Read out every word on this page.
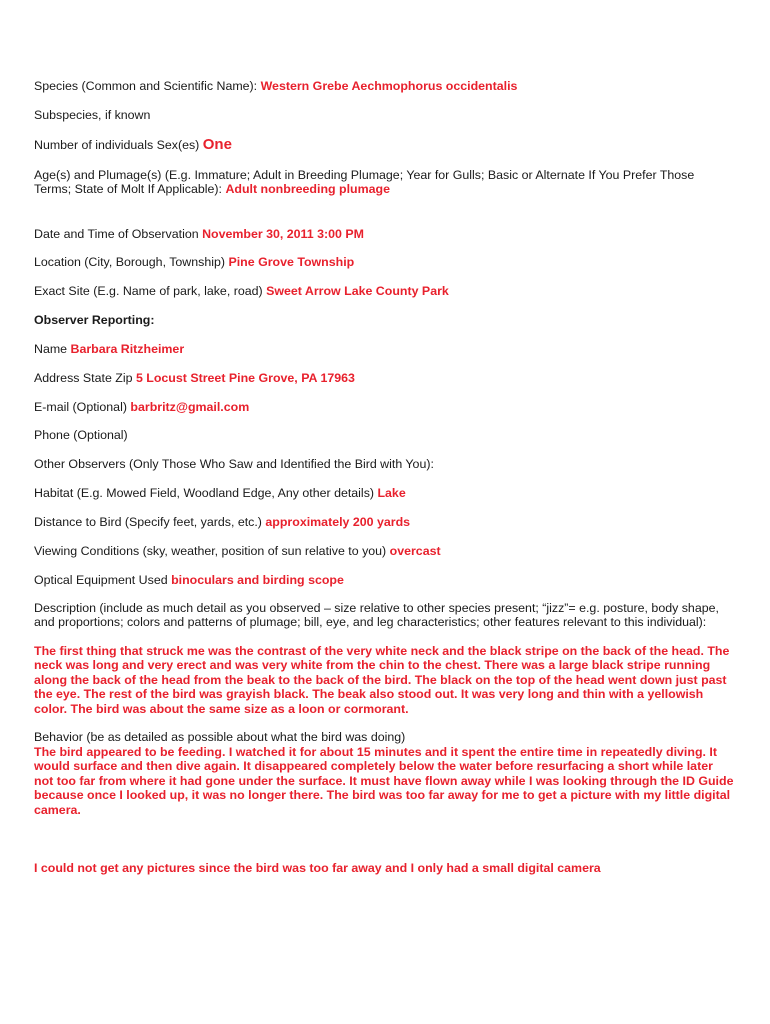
Species (Common and Scientific Name): Western Grebe Aechmophorus occidentalis
Subspecies, if known
Number of individuals Sex(es) One
Age(s) and Plumage(s) (E.g. Immature; Adult in Breeding Plumage; Year for Gulls; Basic or Alternate If You Prefer Those Terms; State of Molt If Applicable): Adult nonbreeding plumage
Date and Time of Observation November 30, 2011 3:00 PM
Location (City, Borough, Township) Pine Grove Township
Exact Site (E.g. Name of park, lake, road) Sweet Arrow Lake County Park
Observer Reporting:
Name Barbara Ritzheimer
Address State Zip 5 Locust Street Pine Grove, PA 17963
E-mail (Optional) barbritz@gmail.com
Phone (Optional)
Other Observers (Only Those Who Saw and Identified the Bird with You):
Habitat (E.g. Mowed Field, Woodland Edge, Any other details) Lake
Distance to Bird (Specify feet, yards, etc.) approximately 200 yards
Viewing Conditions (sky, weather, position of sun relative to you) overcast
Optical Equipment Used binoculars and birding scope
Description (include as much detail as you observed – size relative to other species present; “jizz”= e.g. posture, body shape, and proportions; colors and patterns of plumage; bill, eye, and leg characteristics; other features relevant to this individual):
The first thing that struck me was the contrast of the very white neck and the black stripe on the back of the head. The neck was long and very erect and was very white from the chin to the chest. There was a large black stripe running along the back of the head from the beak to the back of the bird. The black on the top of the head went down just past the eye. The rest of the bird was grayish black. The beak also stood out. It was very long and thin with a yellowish color. The bird was about the same size as a loon or cormorant.
Behavior (be as detailed as possible about what the bird was doing)
The bird appeared to be feeding. I watched it for about 15 minutes and it spent the entire time in repeatedly diving. It would surface and then dive again. It disappeared completely below the water before resurfacing a short while later not too far from where it had gone under the surface. It must have flown away while I was looking through the ID Guide because once I looked up, it was no longer there. The bird was too far away for me to get a picture with my little digital camera.
I could not get any pictures since the bird was too far away and I only had a small digital camera
